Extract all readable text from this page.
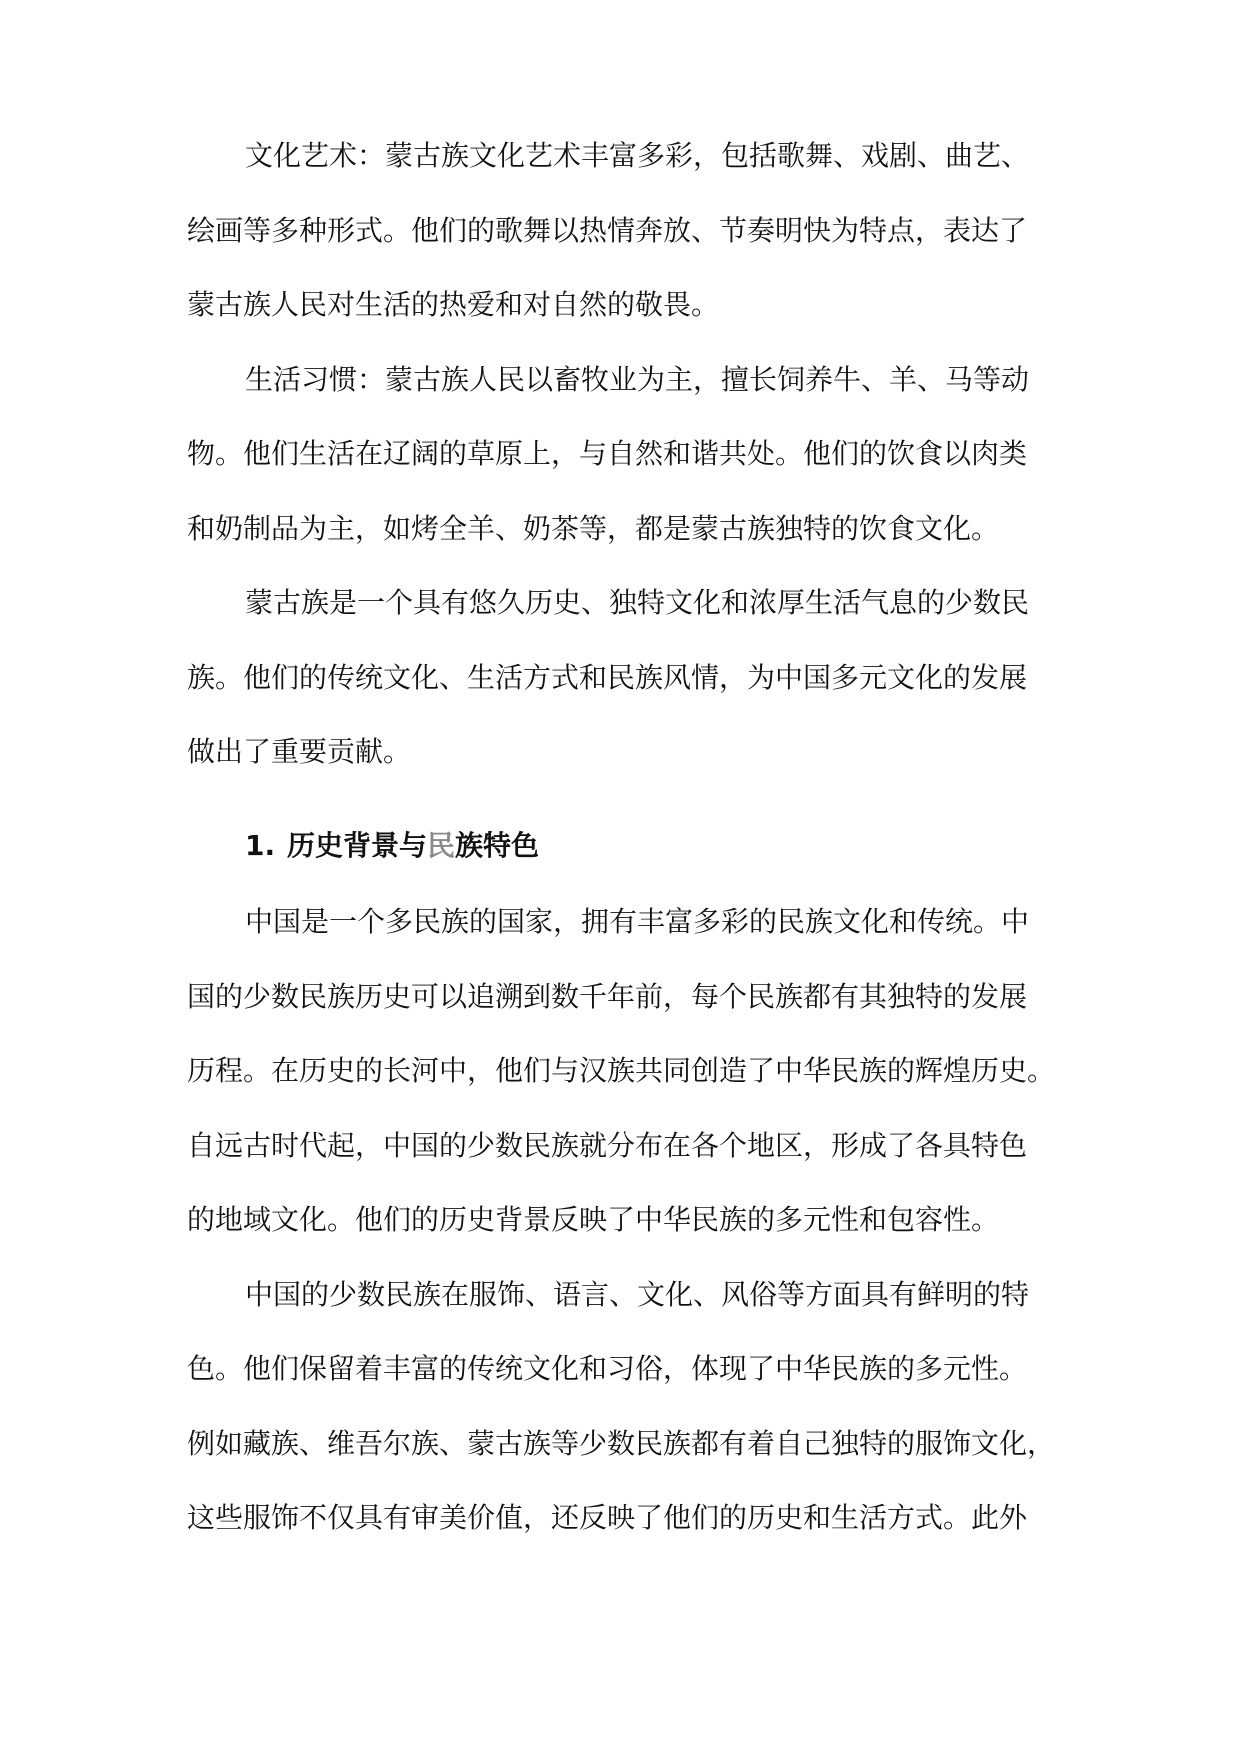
文化艺术：蒙古族文化艺术丰富多彩，包括歌舞、戏剧、曲艺、

绘画等多种形式。他们的歌舞以热情奔放、节奏明快为特点，表达了

蒙古族人民对生活的热爱和对自然的敬畏。

生活习惯：蒙古族人民以畜牧业为主，擅长饲养牛、羊、马等动

物。他们生活在辽阔的草原上，与自然和谐共处。他们的饮食以肉类

和奶制品为主，如烤全羊、奶茶等，都是蒙古族独特的饮食文化。

蒙古族是一个具有悠久历史、独特文化和浓厚生活气息的少数民

族。他们的传统文化、生活方式和民族风情，为中国多元文化的发展

做出了重要贡献。

1. 历史背景与民族特色

中国是一个多民族的国家，拥有丰富多彩的民族文化和传统。中

国的少数民族历史可以追溯到数千年前，每个民族都有其独特的发展

历程。在历史的长河中，他们与汉族共同创造了中华民族的辉煌历史。

自远古时代起，中国的少数民族就分布在各个地区，形成了各具特色

的地域文化。他们的历史背景反映了中华民族的多元性和包容性。

中国的少数民族在服饰、语言、文化、风俗等方面具有鲜明的特

色。他们保留着丰富的传统文化和习俗，体现了中华民族的多元性。

例如藏族、维吾尔族、蒙古族等少数民族都有着自己独特的服饰文化，

这些服饰不仅具有审美价值，还反映了他们的历史和生活方式。此外
